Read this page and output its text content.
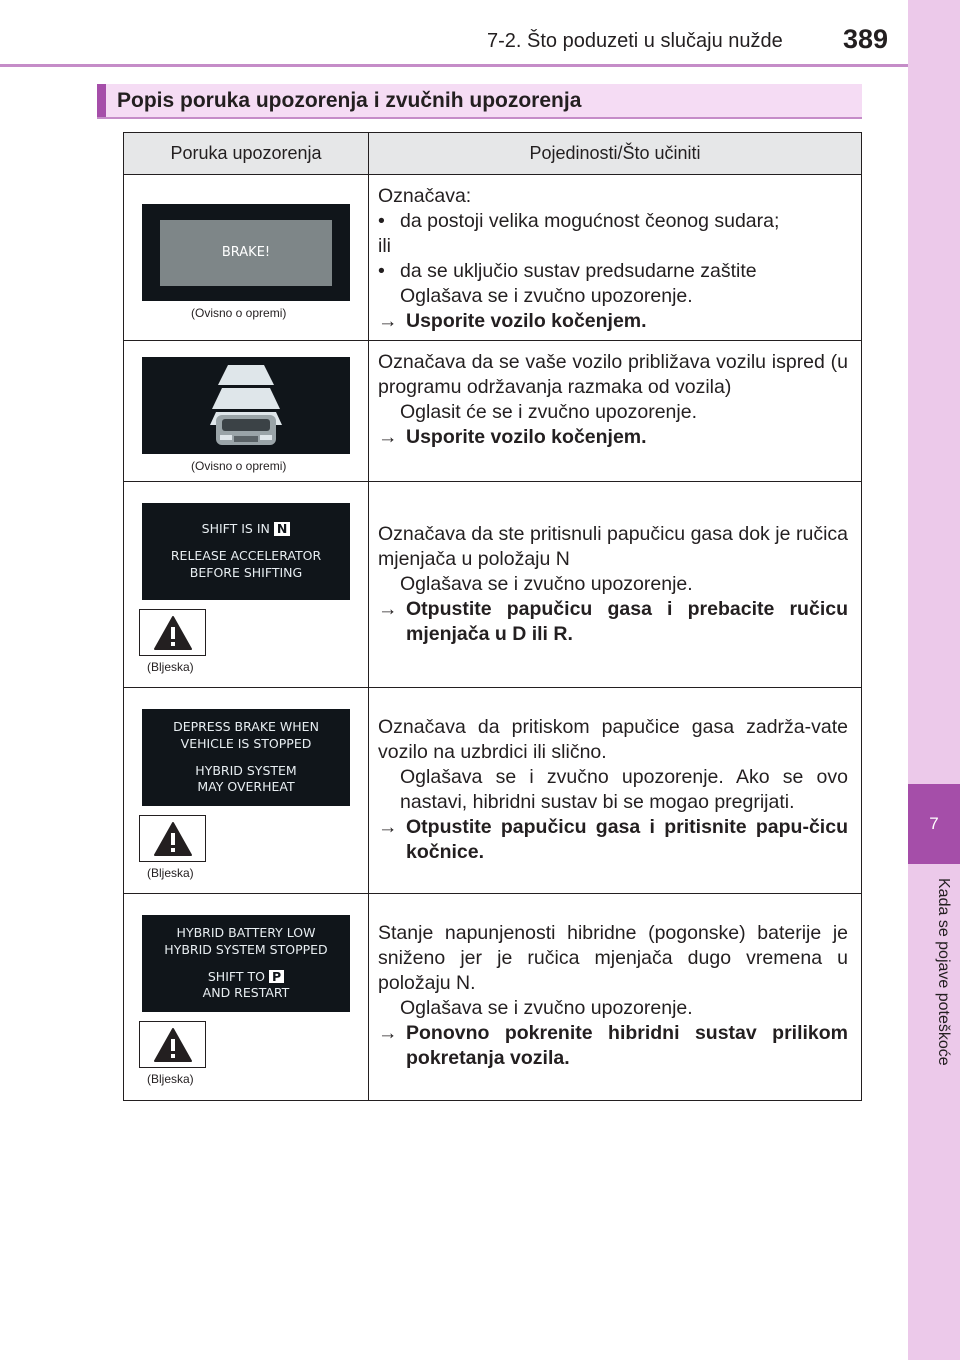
7-2. Što poduzeti u slučaju nužde 389
7
Kada se pojave poteškoće
Popis poruka upozorenja i zvučnih upozorenja
Poruka upozorenja	Pojedinosti/Što učiniti
BRAKE!
(Ovisno o opremi)

Označava:

• da postoji velika mogućnost čeonog sudara;

ili

• da se uključio sustav predsudarne zaštite

Oglašava se i zvučno upozorenje.

→ Usporite vozilo kočenjem.
(Ovisno o opremi)

Označava da se vaše vozilo približava vozilu ispred (u programu održavanja razmaka od vozila)

Oglasit će se i zvučno upozorenje.

→ Usporite vozilo kočenjem.
SHIFT IS IN N
RELEASE ACCELERATOR
BEFORE SHIFTING
(Bljeska)

Označava da ste pritisnuli papučicu gasa dok je ručica mjenjača u položaju N

Oglašava se i zvučno upozorenje.

→ Otpustite papučicu gasa i prebacite ručicu mjenjača u D ili R.
DEPRESS BRAKE WHEN
VEHICLE IS STOPPED
HYBRID SYSTEM
MAY OVERHEAT
(Bljeska)

Označava da pritiskom papučice gasa zadrža-vate vozilo na uzbrdici ili slično.

Oglašava se i zvučno upozorenje. Ako se ovo nastavi, hibridni sustav bi se mogao pregrijati.

→ Otpustite papučicu gasa i pritisnite papu-čicu kočnice.
HYBRID BATTERY LOW
HYBRID SYSTEM STOPPED
SHIFT TO P
AND RESTART
(Bljeska)

Stanje napunjenosti hibridne (pogonske) baterije je sniženo jer je ručica mjenjača dugo vremena u položaju N.

Oglašava se i zvučno upozorenje.

→ Ponovno pokrenite hibridni sustav prilikom pokretanja vozila.
